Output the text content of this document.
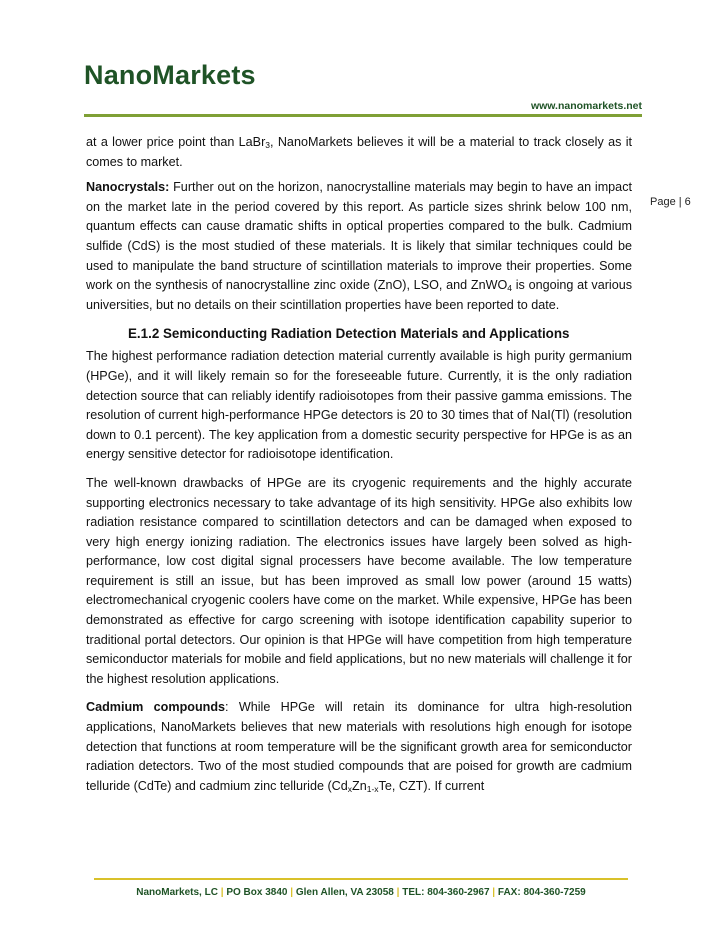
NanoMarkets
www.nanomarkets.net
Page | 6

at a lower price point than LaBr$_3$, NanoMarkets believes it will be a material to track closely as it comes to market.

Nanocrystals: Further out on the horizon, nanocrystalline materials may begin to have an impact on the market late in the period covered by this report. As particle sizes shrink below 100 nm, quantum effects can cause dramatic shifts in optical properties compared to the bulk. Cadmium sulfide (CdS) is the most studied of these materials. It is likely that similar techniques could be used to manipulate the band structure of scintillation materials to improve their properties. Some work on the synthesis of nanocrystalline zinc oxide (ZnO), LSO, and ZnWO$_4$ is ongoing at various universities, but no details on their scintillation properties have been reported to date.

E.1.2 Semiconducting Radiation Detection Materials and Applications

The highest performance radiation detection material currently available is high purity germanium (HPGe), and it will likely remain so for the foreseeable future. Currently, it is the only radiation detection source that can reliably identify radioisotopes from their passive gamma emissions. The resolution of current high-performance HPGe detectors is 20 to 30 times that of NaI(Tl) (resolution down to 0.1 percent). The key application from a domestic security perspective for HPGe is as an energy sensitive detector for radioisotope identification.

The well-known drawbacks of HPGe are its cryogenic requirements and the highly accurate supporting electronics necessary to take advantage of its high sensitivity. HPGe also exhibits low radiation resistance compared to scintillation detectors and can be damaged when exposed to very high energy ionizing radiation. The electronics issues have largely been solved as high-performance, low cost digital signal processers have become available. The low temperature requirement is still an issue, but has been improved as small low power (around 15 watts) electromechanical cryogenic coolers have come on the market. While expensive, HPGe has been demonstrated as effective for cargo screening with isotope identification capability superior to traditional portal detectors. Our opinion is that HPGe will have competition from high temperature semiconductor materials for mobile and field applications, but no new materials will challenge it for the highest resolution applications.

Cadmium compounds: While HPGe will retain its dominance for ultra high-resolution applications, NanoMarkets believes that new materials with resolutions high enough for isotope detection that functions at room temperature will be the significant growth area for semiconductor radiation detectors. Two of the most studied compounds that are poised for growth are cadmium telluride (CdTe) and cadmium zinc telluride ($Cd_xZn_{1-x}Te$, CZT). If current

NanoMarkets, LC | PO Box 3840 | Glen Allen, VA 23058 | TEL: 804-360-2967 | FAX: 804-360-7259
